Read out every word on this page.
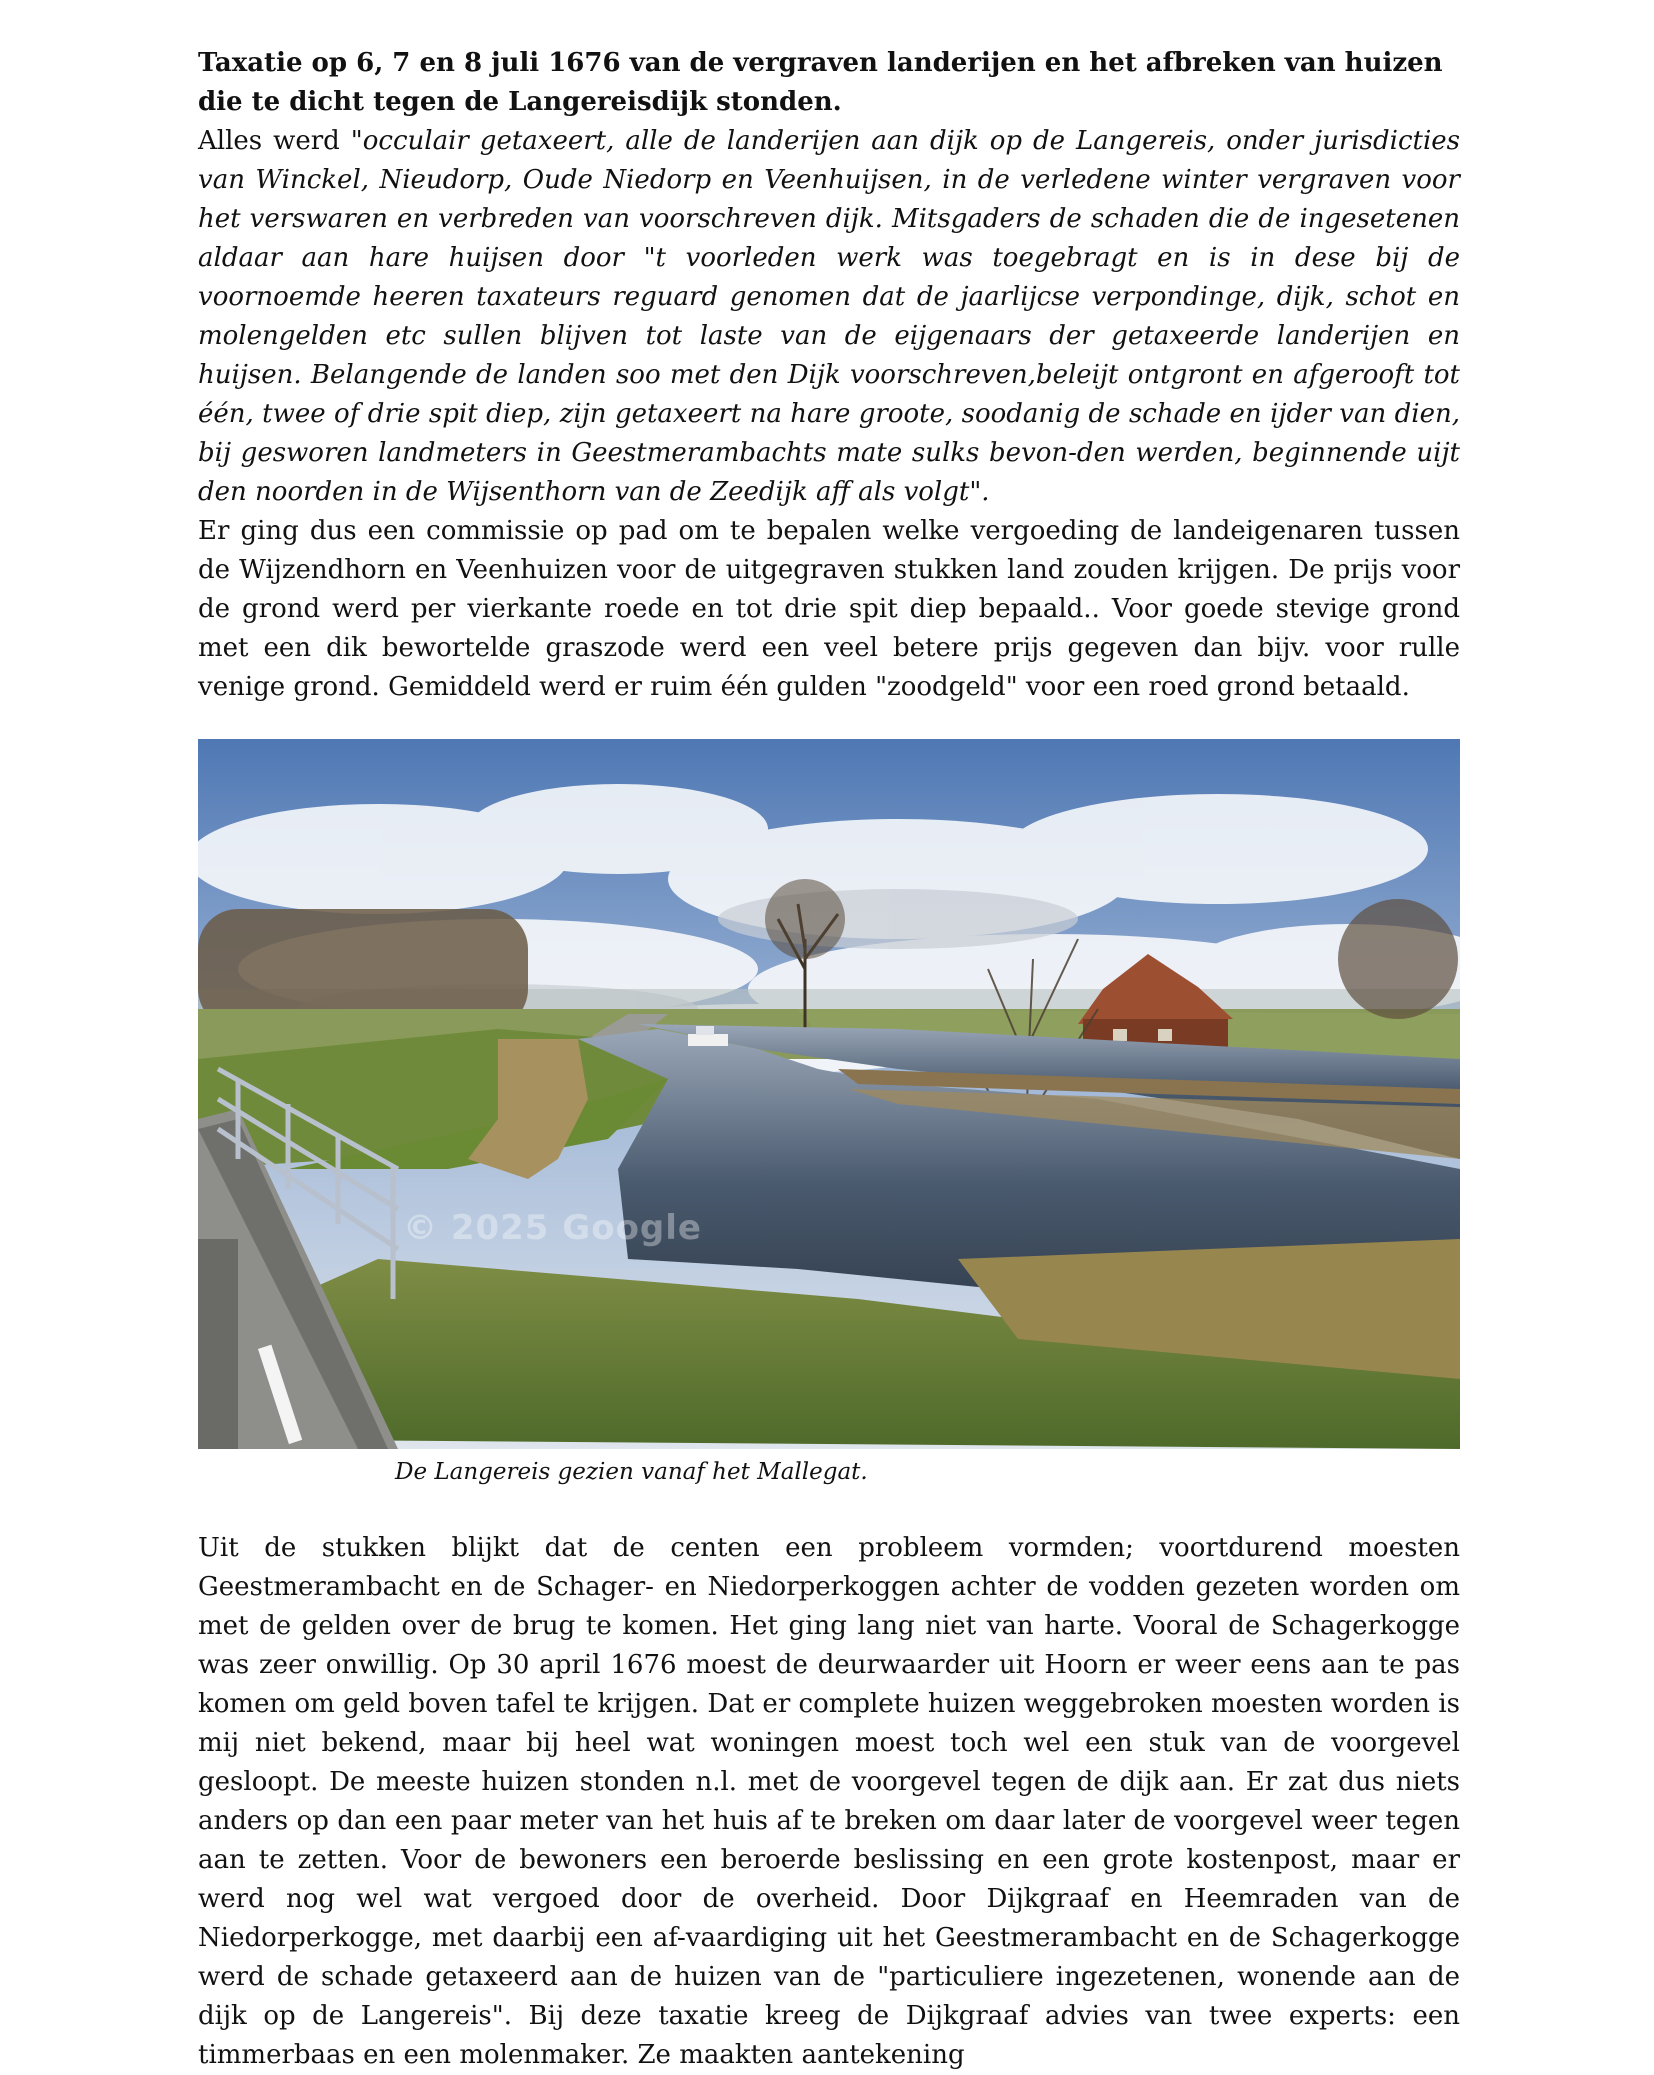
Taxatie op 6, 7 en 8 juli 1676 van de vergraven landerijen en het afbreken van huizen die te dicht tegen de Langereisdijk stonden.

Alles werd "occulair getaxeert, alle de landerijen aan dijk op de Langereis, onder jurisdicties van Winckel, Nieudorp, Oude Niedorp en Veenhuijsen, in de verledene winter vergraven voor het verswaren en verbreden van voorschreven dijk. Mitsgaders de schaden die de ingesetenen aldaar aan hare huijsen door "t voorleden werk was toegebragt en is in dese bij de voornoemde heeren taxateurs reguard genomen dat de jaarlijcse verpondinge, dijk, schot en molengelden etc sullen blijven tot laste van de eijgenaars der getaxeerde landerijen en huijsen. Belangende de landen soo met den Dijk voorschreven,beleijt ontgront en afgerooft tot één, twee of drie spit diep, zijn getaxeert na hare groote, soodanig de schade en ijder van dien, bij gesworen landmeters in Geestmerambachts mate sulks bevon-den werden, beginnende uijt den noorden in de Wijsenthorn van de Zeedijk aff als volgt".
Er ging dus een commissie op pad om te bepalen welke vergoeding de landeigenaren tussen de Wijzendhorn en Veenhuizen voor de uitgegraven stukken land zouden krijgen. De prijs voor de grond werd per vierkante roede en tot drie spit diep bepaald.. Voor goede stevige grond met een dik bewortelde graszode werd een veel betere prijs gegeven dan bijv. voor rulle venige grond. Gemiddeld werd er ruim één gulden "zoodgeld" voor een roed grond betaald.

© 2025 Google

De Langereis gezien vanaf het Mallegat.

Uit de stukken blijkt dat de centen een probleem vormden; voortdurend moesten Geestmerambacht en de Schager- en Niedorperkoggen achter de vodden gezeten worden om met de gelden over de brug te komen. Het ging lang niet van harte. Vooral de Schagerkogge was zeer onwillig. Op 30 april 1676 moest de deurwaarder uit Hoorn er weer eens aan te pas komen om geld boven tafel te krijgen. Dat er complete huizen weggebroken moesten worden is mij niet bekend, maar bij heel wat woningen moest toch wel een stuk van de voorgevel gesloopt. De meeste huizen stonden n.l. met de voorgevel tegen de dijk aan. Er zat dus niets anders op dan een paar meter van het huis af te breken om daar later de voorgevel weer tegen aan te zetten. Voor de bewoners een beroerde beslissing en een grote kostenpost, maar er werd nog wel wat vergoed door de overheid. Door Dijkgraaf en Heemraden van de Niedorperkogge, met daarbij een af-vaardiging uit het Geestmerambacht en de Schagerkogge werd de schade getaxeerd aan de huizen van de "particuliere ingezetenen, wonende aan de dijk op de Langereis". Bij deze taxatie kreeg de Dijkgraaf advies van twee experts: een timmerbaas en een molenmaker. Ze maakten aantekening
